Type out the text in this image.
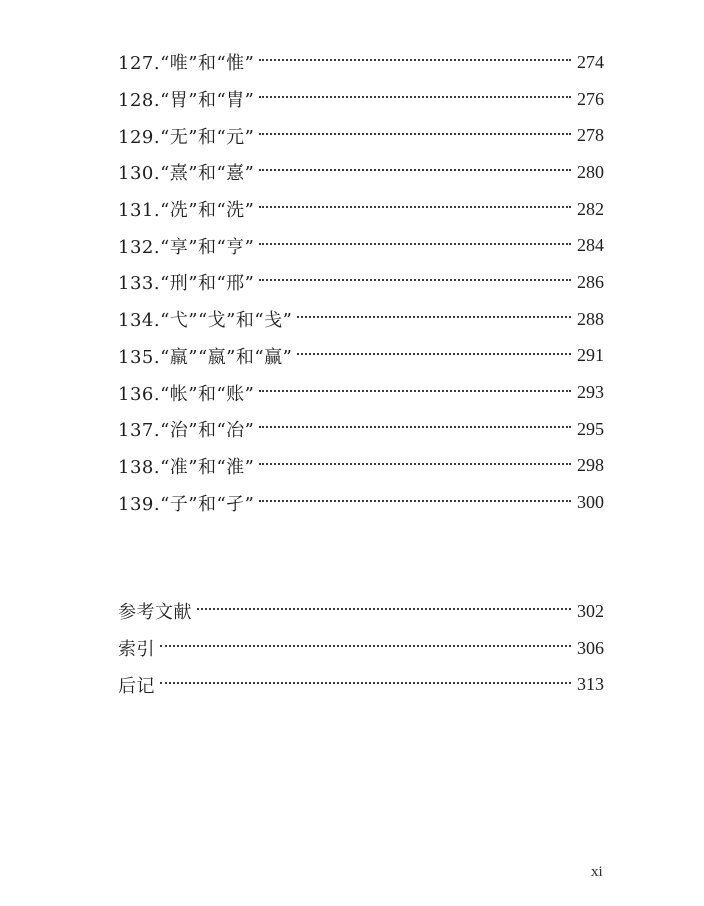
127.“唯”和“惟”	274
128.“胃”和“胄”	276
129.“无”和“元”	278
130.“熹”和“憙”	280
131.“冼”和“洗”	282
132.“享”和“亨”	284
133.“刑”和“邢”	286
134.“弋”“戈”和“戋”	288
135.“羸”“嬴”和“赢”	291
136.“帐”和“账”	293
137.“治”和“冶”	295
138.“准”和“淮”	298
139.“子”和“孑”	300
参考文献	302
索引	306
后记	313
xi
